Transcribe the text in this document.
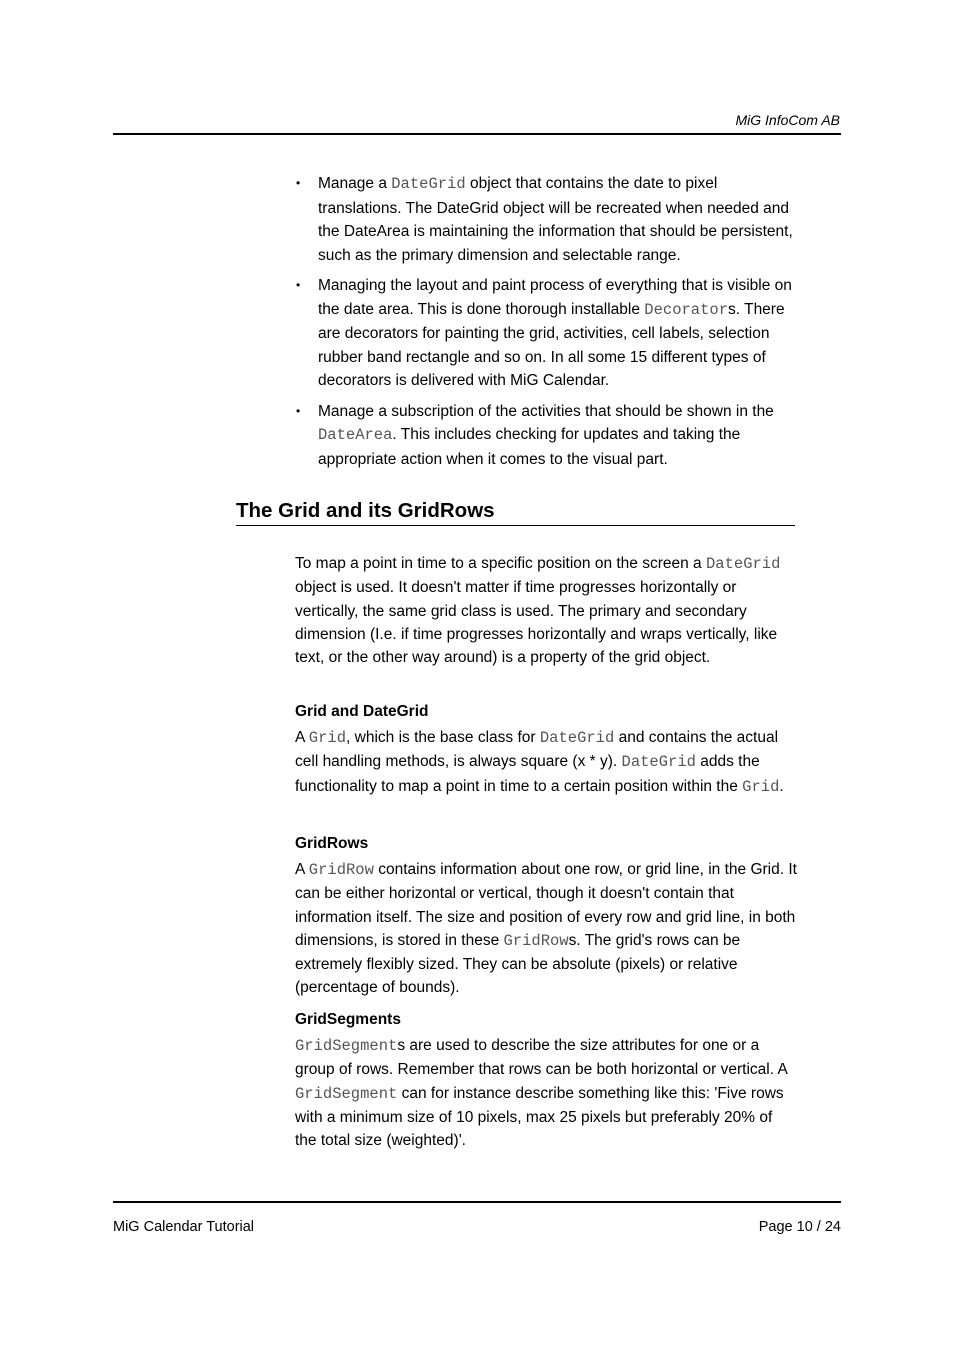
MiG InfoCom AB
• Manage a DateGrid object that contains the date to pixel translations. The DateGrid object will be recreated when needed and the DateArea is maintaining the information that should be persistent, such as the primary dimension and selectable range.
• Managing the layout and paint process of everything that is visible on the date area. This is done thorough installable Decorators. There are decorators for painting the grid, activities, cell labels, selection rubber band rectangle and so on. In all some 15 different types of decorators is delivered with MiG Calendar.
• Manage a subscription of the activities that should be shown in the DateArea. This includes checking for updates and taking the appropriate action when it comes to the visual part.
The Grid and its GridRows
To map a point in time to a specific position on the screen a DateGrid object is used. It doesn't matter if time progresses horizontally or vertically, the same grid class is used. The primary and secondary dimension (I.e. if time progresses horizontally and wraps vertically, like text, or the other way around) is a property of the grid object.
Grid and DateGrid
A Grid, which is the base class for DateGrid and contains the actual cell handling methods, is always square (x * y). DateGrid adds the functionality to map a point in time to a certain position within the Grid.
GridRows
A GridRow contains information about one row, or grid line, in the Grid. It can be either horizontal or vertical, though it doesn't contain that information itself. The size and position of every row and grid line, in both dimensions, is stored in these GridRows. The grid's rows can be extremely flexibly sized. They can be absolute (pixels) or relative (percentage of bounds).
GridSegments
GridSegments are used to describe the size attributes for one or a group of rows. Remember that rows can be both horizontal or vertical. A GridSegment can for instance describe something like this: 'Five rows with a minimum size of 10 pixels, max 25 pixels but preferably 20% of the total size (weighted)'.
MiG Calendar Tutorial	Page 10 / 24
